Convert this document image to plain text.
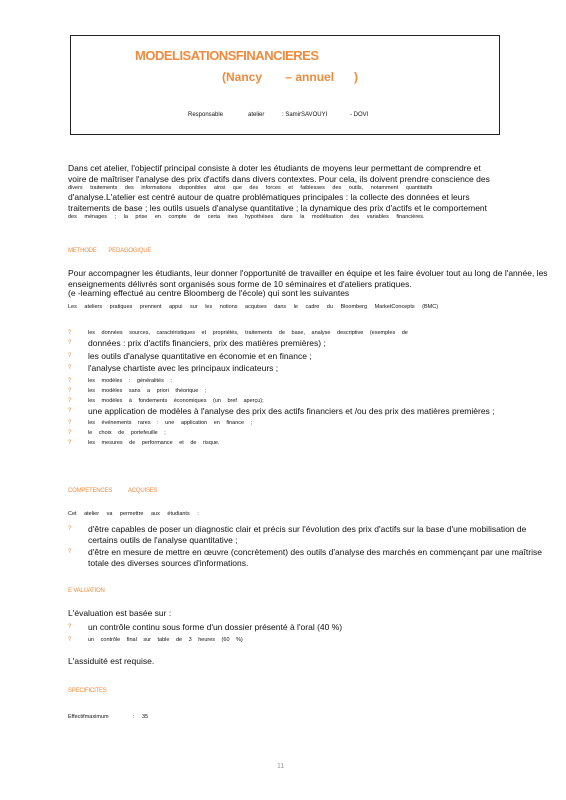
MODELISATIONSFINANCIERES
(Nancy       – annuel      )
Responsable	atelier	: SamirSAVOUYI	- DOVI
Dans cet atelier, l'objectif principal consiste à doter les étudiants de moyens leur permettant de comprendre et
voire de maîtriser l'analyse des prix d'actifs dans divers contextes. Pour cela, ils doivent prendre conscience des
divers traitements des informations disponibles ainsi que des forces et faiblesses des outils, notamment quantitatifs
d'analyse.L'atelier est centré autour de quatre problématiques principales : la collecte des données et leurs
traitements de base ; les outils usuels d'analyse quantitative ; la dynamique des prix d'actifs et le comportement
des ménages ; la prise en compte de certa ines hypothèses dans la modélisation des variables financières.
METHODE        PEDAGOGIQUE
Pour accompagner les étudiants, leur donner l'opportunité de travailler en équipe et les faire évoluer tout au long de l'année, les enseignements délivrés sont organisés sous forme de 10 séminaires et d'ateliers pratiques.
(e -learning effectué au centre Bloomberg de l'école) qui sont les suivantes
Les ateliers pratiques prennent appui sur les notions acquises dans le cadre du Bloomberg MarketConcepts (BMC)
?	les données sources, caractéristiques et propriétés, traitements de base, analyse descriptive (exemples de
? données : prix d'actifs financiers, prix des matières premières) ;
? les outils d'analyse quantitative en économie et en finance ;
? l'analyse chartiste avec les principaux indicateurs ;
?	les modèles : généralités ;
?	les modèles sans a priori théorique ;
?	les modèles à fondements économiques (un bref aperçu);
? une application de modèles à l'analyse des prix des actifs financiers et /ou des prix des matières premières ;
?	les événements rares : une application en finance ;
?	le choix de portefeuille ;
?	les mesures de performance et de risque.
COMPETENCES           ACQUISES
Cet atelier va permettre aux étudiants :
? d'être capables de poser un diagnostic clair et précis sur l'évolution des prix d'actifs sur la base d'une mobilisation de certains outils de l'analyse quantitative ;
? d'être en mesure de mettre en œuvre (concrètement) des outils d'analyse des marchés en commençant par une maîtrise totale des diverses sources d'informations.
E VALUATION
L'évaluation est basée sur :
? un contrôle continu sous forme d'un dossier présenté à l'oral (40 %)
?	un contrôle final sur table de 3 heures (60 %)
L'assiduité est requise.
SPECIFICITES
Effectifmaximum	: 35
11
